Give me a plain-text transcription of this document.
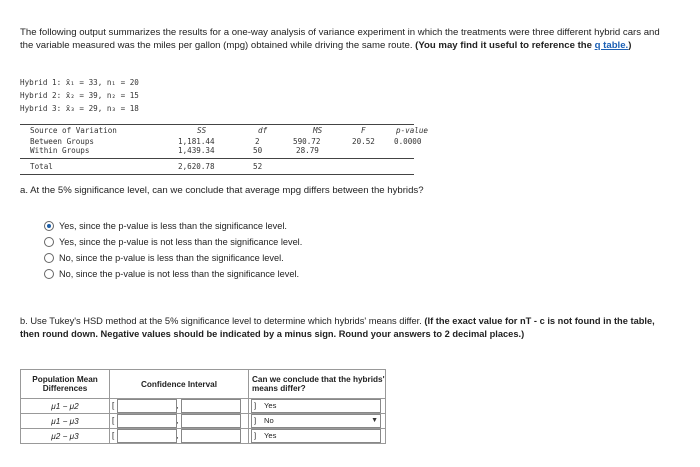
The following output summarizes the results for a one-way analysis of variance experiment in which the treatments were three different hybrid cars and the variable measured was the miles per gallon (mpg) obtained while driving the same route. (You may find it useful to reference the q table.)
Hybrid 1: x̄₁ = 33, n₁ = 20
Hybrid 2: x̄₂ = 39, n₂ = 15
Hybrid 3: x̄₃ = 29, n₃ = 18
Source of Variation	SS	df	MS	F	p-value
Between Groups	1,181.44	2	590.72	20.52	0.0000
Within Groups	1,439.34	50	28.79
Total	2,620.78	52
a. At the 5% significance level, can we conclude that average mpg differs between the hybrids?
Yes, since the p-value is less than the significance level.
Yes, since the p-value is not less than the significance level.
No, since the p-value is less than the significance level.
No, since the p-value is not less than the significance level.
b. Use Tukey's HSD method at the 5% significance level to determine which hybrids' means differ. (If the exact value for nT - c is not found in the table, then round down. Negative values should be indicated by a minus sign. Round your answers to 2 decimal places.)
Population Mean Differences	Confidence Interval	Can we conclude that the hybrids' means differ?
μ1 − μ2	[ ,	] Yes

μ1 − μ3	[ ,	] No ▼

μ2 − μ3	[ ,	] Yes
